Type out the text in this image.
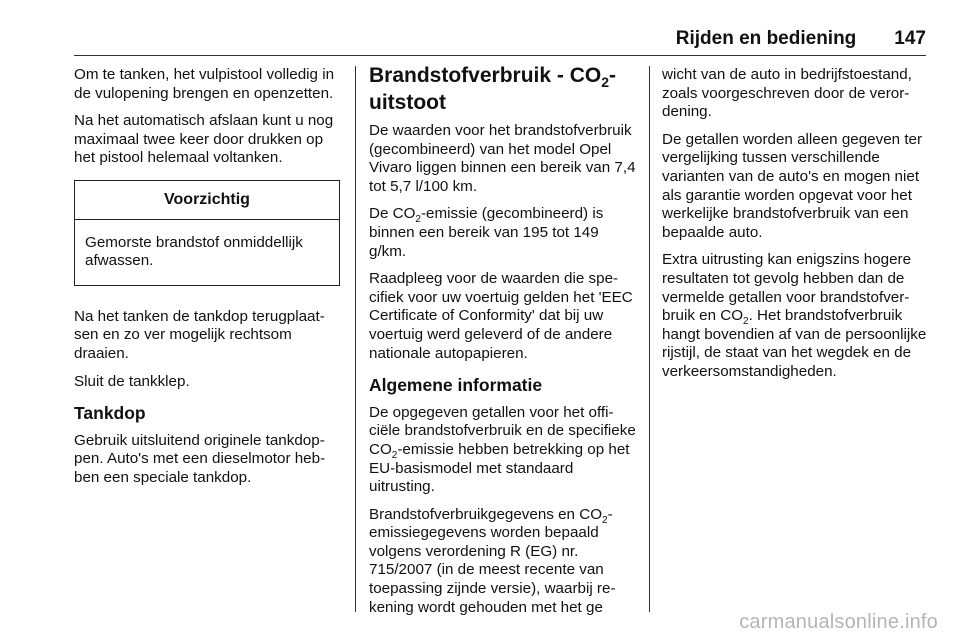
Rijden en bediening 147

Om te tanken, het vulpistool volledig in de vulopening brengen en openzetten.

Na het automatisch afslaan kunt u nog maximaal twee keer door drukken op het pistool helemaal voltanken.

Voorzichtig
Gemorste brandstof onmiddellijk afwassen.

Na het tanken de tankdop terugplaatsen en zo ver mogelijk rechtsom draaien.

Sluit de tankklep.

Tankdop

Gebruik uitsluitend originele tankdoppen. Auto's met een dieselmotor hebben een speciale tankdop.

Brandstofverbruik - $CO_2$-uitstoot

De waarden voor het brandstofverbruik (gecombineerd) van het model Opel Vivaro liggen binnen een bereik van 7,4 tot 5,7 l/100 km.

De $CO_2$-emissie (gecombineerd) is binnen een bereik van 195 tot 149 g/km.

Raadpleeg voor de waarden die specifiek voor uw voertuig gelden het 'EEC Certificate of Conformity' dat bij uw voertuig werd geleverd of de andere nationale autopapieren.

Algemene informatie

De opgegeven getallen voor het officiële brandstofverbruik en de specifieke $CO_2$-emissie hebben betrekking op het EU-basismodel met standaard uitrusting.

Brandstofverbruikgegevens en $CO_2$-emissiegegevens worden bepaald volgens verordening R (EG) nr. 715/2007 (in de meest recente van toepassing zijnde versie), waarbij rekening wordt gehouden met het ge

wicht van de auto in bedrijfstoestand, zoals voorgeschreven door de verordening.

De getallen worden alleen gegeven ter vergelijking tussen verschillende varianten van de auto's en mogen niet als garantie worden opgevat voor het werkelijke brandstofverbruik van een bepaalde auto.

Extra uitrusting kan enigszins hogere resultaten tot gevolg hebben dan de vermelde getallen voor brandstofverbruik en $CO_2$. Het brandstofverbruik hangt bovendien af van de persoonlijke rijstijl, de staat van het wegdek en de verkeersomstandigheden.

carmanualsonline.info
